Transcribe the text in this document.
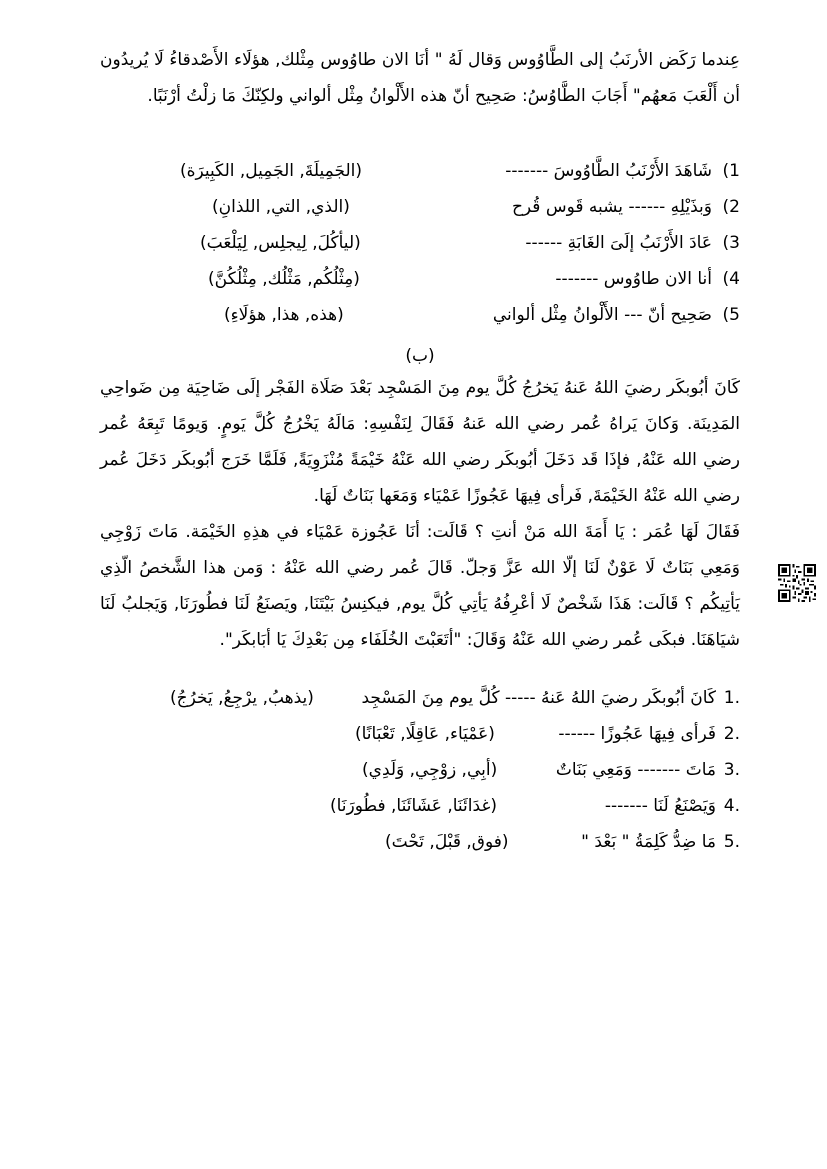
عِندما رَكَض الأرنَبُ إلى الطَّاوُوس وَقال لَهُ " أنَا الان طاوُوس مِثْلك, هؤلَاء الأَصْدقاءُ لَا يُريدُون أن أَلْعَبَ مَعهُم" أَجَابَ الطَّاوُسُ: صَحِيح أنّ هذه الأَلْوانُ مِثْل ألواني ولكِنّكَ مَا زلْتُ أرْنَبًا.

1)
شَاهَدَ الأَرْنَبُ الطَّاوُوسَ -------
(الجَمِيلَةَ, الجَمِيل, الكَبِيرَة)
2)
وَبذَيْلِهِ ------ يشبه قَوس قُرح
(الذي, التي, اللذانِ)
3)
عَادَ الأَرْنَبُ إلَىَ الغَابَةِ ------
(ليأكُلَ, لِيجلِس, لِيَلْعَبَ)
4)
أنا الان طاوُوس -------
(مِثْلُكُم, مَثْلُك, مِثْلُكُنَّ)
5)
صَحِيح أنّ --- الأَلْوانُ مِثْل ألواني
(هذه, هذا, هؤلَاءِ)
(ب)

كَانَ أبُوبكَر رضيَ اللهُ عَنهُ يَخرُجُ كُلَّ يوم مِنَ المَسْجِد بَعْدَ صَلَاة الفَجْر إلَى ضَاحِيَة مِن ضَواحِي المَدِينَة. وَكانَ يَراهُ عُمر رضي الله عَنهُ فَقَالَ لِنَفْسِهِ: مَالَهُ يَخْرُجُ كُلَّ يَومٍ. وَيومًا تَبِعَهُ عُمر رضي الله عَنْهُ, فإذَا قَد دَخَلَ أبُوبكَر رضي الله عَنْهُ خَيْمَةً مُنْزَوِيَةً, فَلَمَّا خَرَج أبُوبكَر دَخَلَ عُمر رضي الله عَنْهُ الخَيْمَةَ, فَرأى فِيهَا عَجُوزًا عَمْيَاء وَمَعَها بَنَاتٌ لَهَا.

فَقَالَ لَهَا عُمَر : يَا أَمَةَ الله مَنْ أنتِ ؟ قَالَت: أنَا عَجُوزة عَمْيَاء في هذِهِ الخَيْمَة. مَاتَ زَوْجِي وَمَعِي بَنَاتٌ لَا عَوْنٌ لَنَا إلّا الله عَزَّ وَجلّ. قَالَ عُمر رضي الله عَنْهُ : وَمن هذا الشَّخصُ الّذِي يَأتِيكُم ؟ قَالَت: هَذَا شَخْصٌ لَا أعْرِفُهُ يَأتِي كُلَّ يوم, فيكنِسُ بَيْتَنَا, ويَصنَعُ لَنَا فطُورَنَا, وَيَجلبُ لَنَا شيَاهَنَا. فبكَى عُمر رضي الله عَنْهُ وَقَالَ: "أتَعَبْتَ الخُلَفَاء مِن بَعْدِكَ يَا أبَابكَر".

.1
كَانَ أبُوبكَر رضيَ اللهُ عَنهُ ----- كُلَّ يوم مِنَ المَسْجِد
(يذهبُ, يرْجِعُ, يَخرُجُ)
.2
فَرأى فِيهَا عَجُوزًا ------
(عَمْيَاء, عَاقِلًا, تَعْبَانًا)
.3
مَاتَ ------- وَمَعِي بَنَاتٌ
(أبِي, زوْجِي, وَلَدِي)
.4
وَيَصْنَعُ لَنَا -------
(غدَائَنَا, عَشَائَنَا, فطُورَنَا)
.5
مَا ضِدُّ كَلِمَةُ " بَعْدَ "
(فوق, قَبْلَ, تَحْتَ)
